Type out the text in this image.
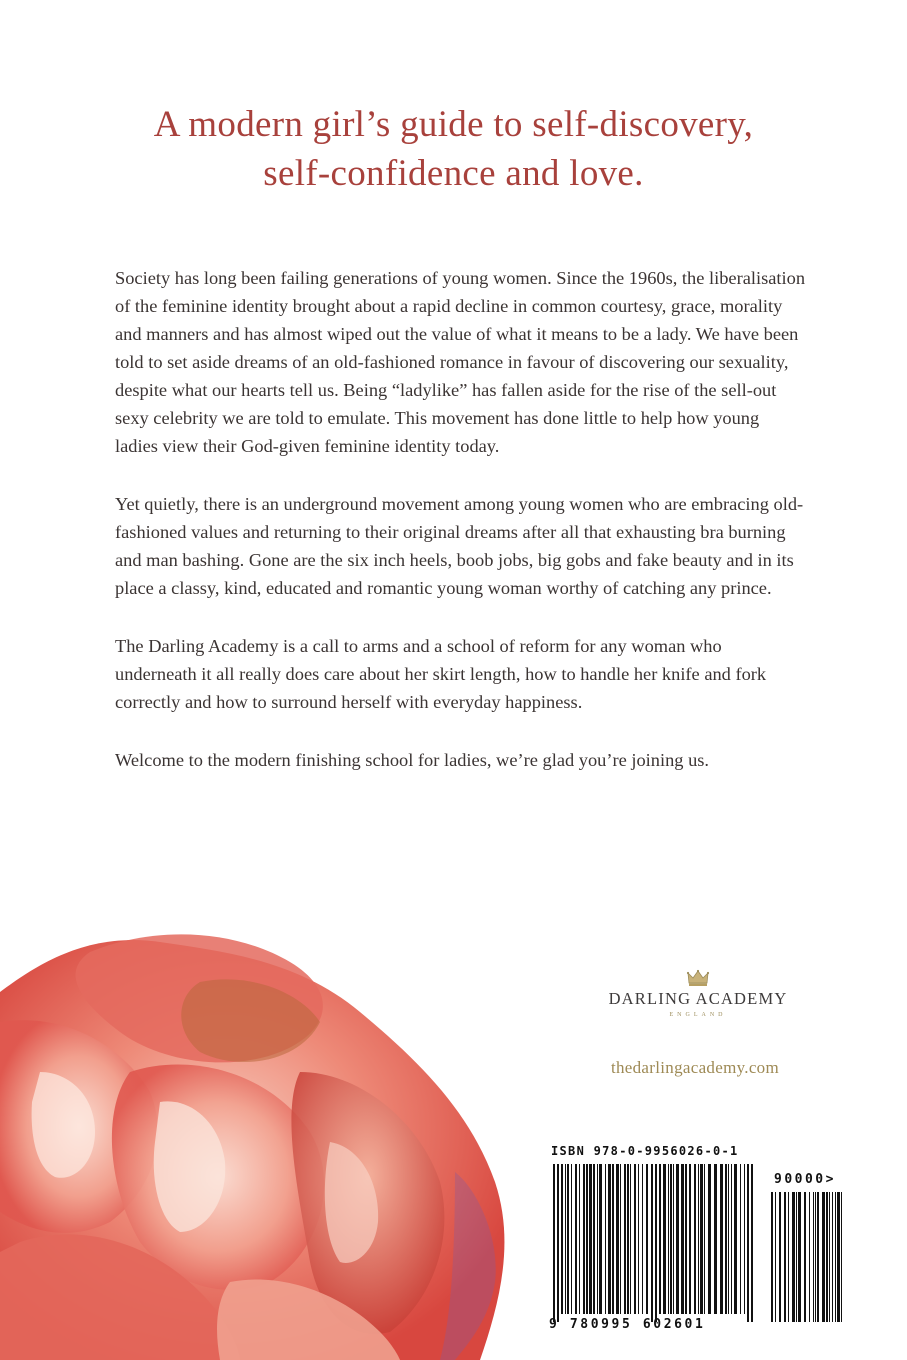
A modern girl’s guide to self-discovery,
self-confidence and love.

Society has long been failing generations of young women. Since the 1960s, the liberalisation of the feminine identity brought about a rapid decline in common courtesy, grace, morality and manners and has almost wiped out the value of what it means to be a lady. We have been told to set aside dreams of an old-fashioned romance in favour of discovering our sexuality, despite what our hearts tell us. Being “ladylike” has fallen aside for the rise of the sell-out sexy celebrity we are told to emulate. This movement has done little to help how young ladies view their God-given feminine identity today.

Yet quietly, there is an underground movement among young women who are embracing old-fashioned values and returning to their original dreams after all that exhausting bra burning and man bashing. Gone are the six inch heels, boob jobs, big gobs and fake beauty and in its place a classy, kind, educated and romantic young woman worthy of catching any prince.

The Darling Academy is a call to arms and a school of reform for any woman who underneath it all really does care about her skirt length, how to handle her knife and fork correctly and how to surround herself with everyday happiness.

Welcome to the modern finishing school for ladies, we’re glad you’re joining us.

DARLING ACADEMY
ENGLAND
thedarlingacademy.com
ISBN 978-0-9956026-0-1
90000>
9 780995 602601
